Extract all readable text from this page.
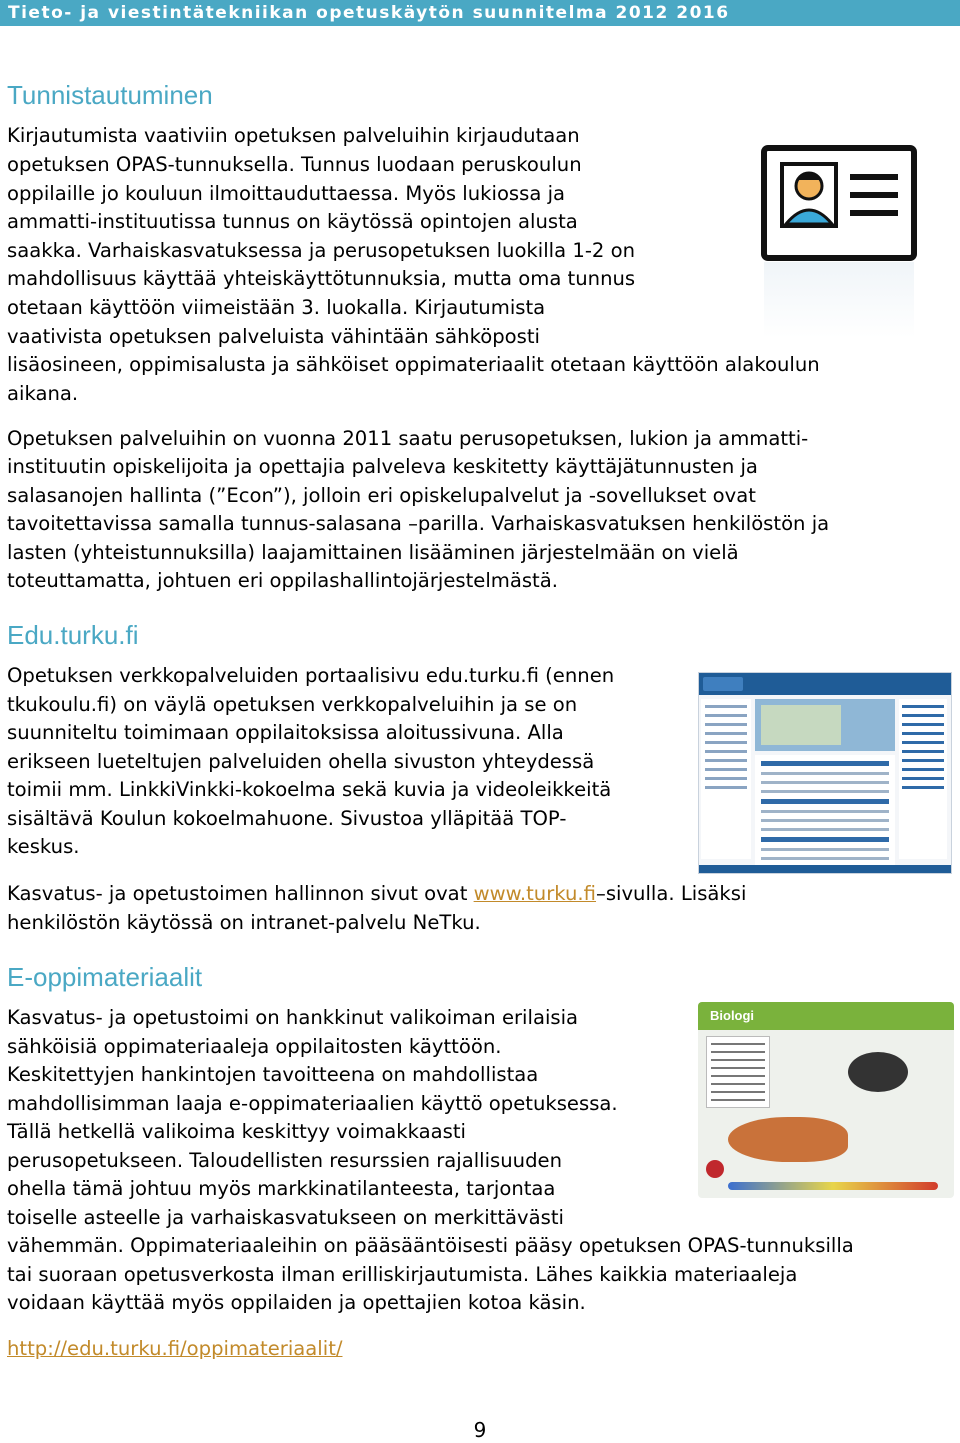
Tieto- ja viestintätekniikan opetuskäytön suunnitelma 2012 2016
Tunnistautuminen
Kirjautumista vaativiin opetuksen palveluihin kirjaudutaan
opetuksen OPAS-tunnuksella. Tunnus luodaan peruskoulun
oppilaille jo kouluun ilmoittauduttaessa. Myös lukiossa ja
ammatti-instituutissa tunnus on käytössä opintojen alusta
saakka. Varhaiskasvatuksessa ja perusopetuksen luokilla 1-2 on
mahdollisuus käyttää yhteiskäyttötunnuksia, mutta oma tunnus
otetaan käyttöön viimeistään 3. luokalla. Kirjautumista
vaativista opetuksen palveluista vähintään sähköposti
lisäosineen, oppimisalusta ja sähköiset oppimateriaalit otetaan käyttöön alakoulun
aikana.
Opetuksen palveluihin on vuonna 2011 saatu perusopetuksen, lukion ja ammatti-
instituutin opiskelijoita ja opettajia palveleva keskitetty käyttäjätunnusten ja
salasanojen hallinta (”Econ”), jolloin eri opiskelupalvelut ja -sovellukset ovat
tavoitettavissa samalla tunnus-salasana –parilla. Varhaiskasvatuksen henkilöstön ja
lasten (yhteistunnuksilla) laajamittainen lisääminen järjestelmään on vielä
toteuttamatta, johtuen eri oppilashallintojärjestelmästä.
Edu.turku.fi
Opetuksen verkkopalveluiden portaalisivu edu.turku.fi (ennen
tkukoulu.fi) on väylä opetuksen verkkopalveluihin ja se on
suunniteltu toimimaan oppilaitoksissa aloitussivuna. Alla
erikseen lueteltujen palveluiden ohella sivuston yhteydessä
toimii mm. LinkkiVinkki-kokoelma sekä kuvia ja videoleikkeitä
sisältävä Koulun kokoelmahuone. Sivustoa ylläpitää TOP-
keskus.
Kasvatus- ja opetustoimen hallinnon sivut ovat www.turku.fi–sivulla. Lisäksi
henkilöstön käytössä on intranet-palvelu NeTku.
E-oppimateriaalit
Kasvatus- ja opetustoimi on hankkinut valikoiman erilaisia
sähköisiä oppimateriaaleja oppilaitosten käyttöön.
Keskitettyjen hankintojen tavoitteena on mahdollistaa
mahdollisimman laaja e-oppimateriaalien käyttö opetuksessa.
Tällä hetkellä valikoima keskittyy voimakkaasti
perusopetukseen. Taloudellisten resurssien rajallisuuden
ohella tämä johtuu myös markkinatilanteesta, tarjontaa
toiselle asteelle ja varhaiskasvatukseen on merkittävästi
vähemmän. Oppimateriaaleihin on pääsääntöisesti pääsy opetuksen OPAS-tunnuksilla
tai suoraan opetusverkosta ilman erilliskirjautumista. Lähes kaikkia materiaaleja
voidaan käyttää myös oppilaiden ja opettajien kotoa käsin.
http://edu.turku.fi/oppimateriaalit/
9
Biologi
